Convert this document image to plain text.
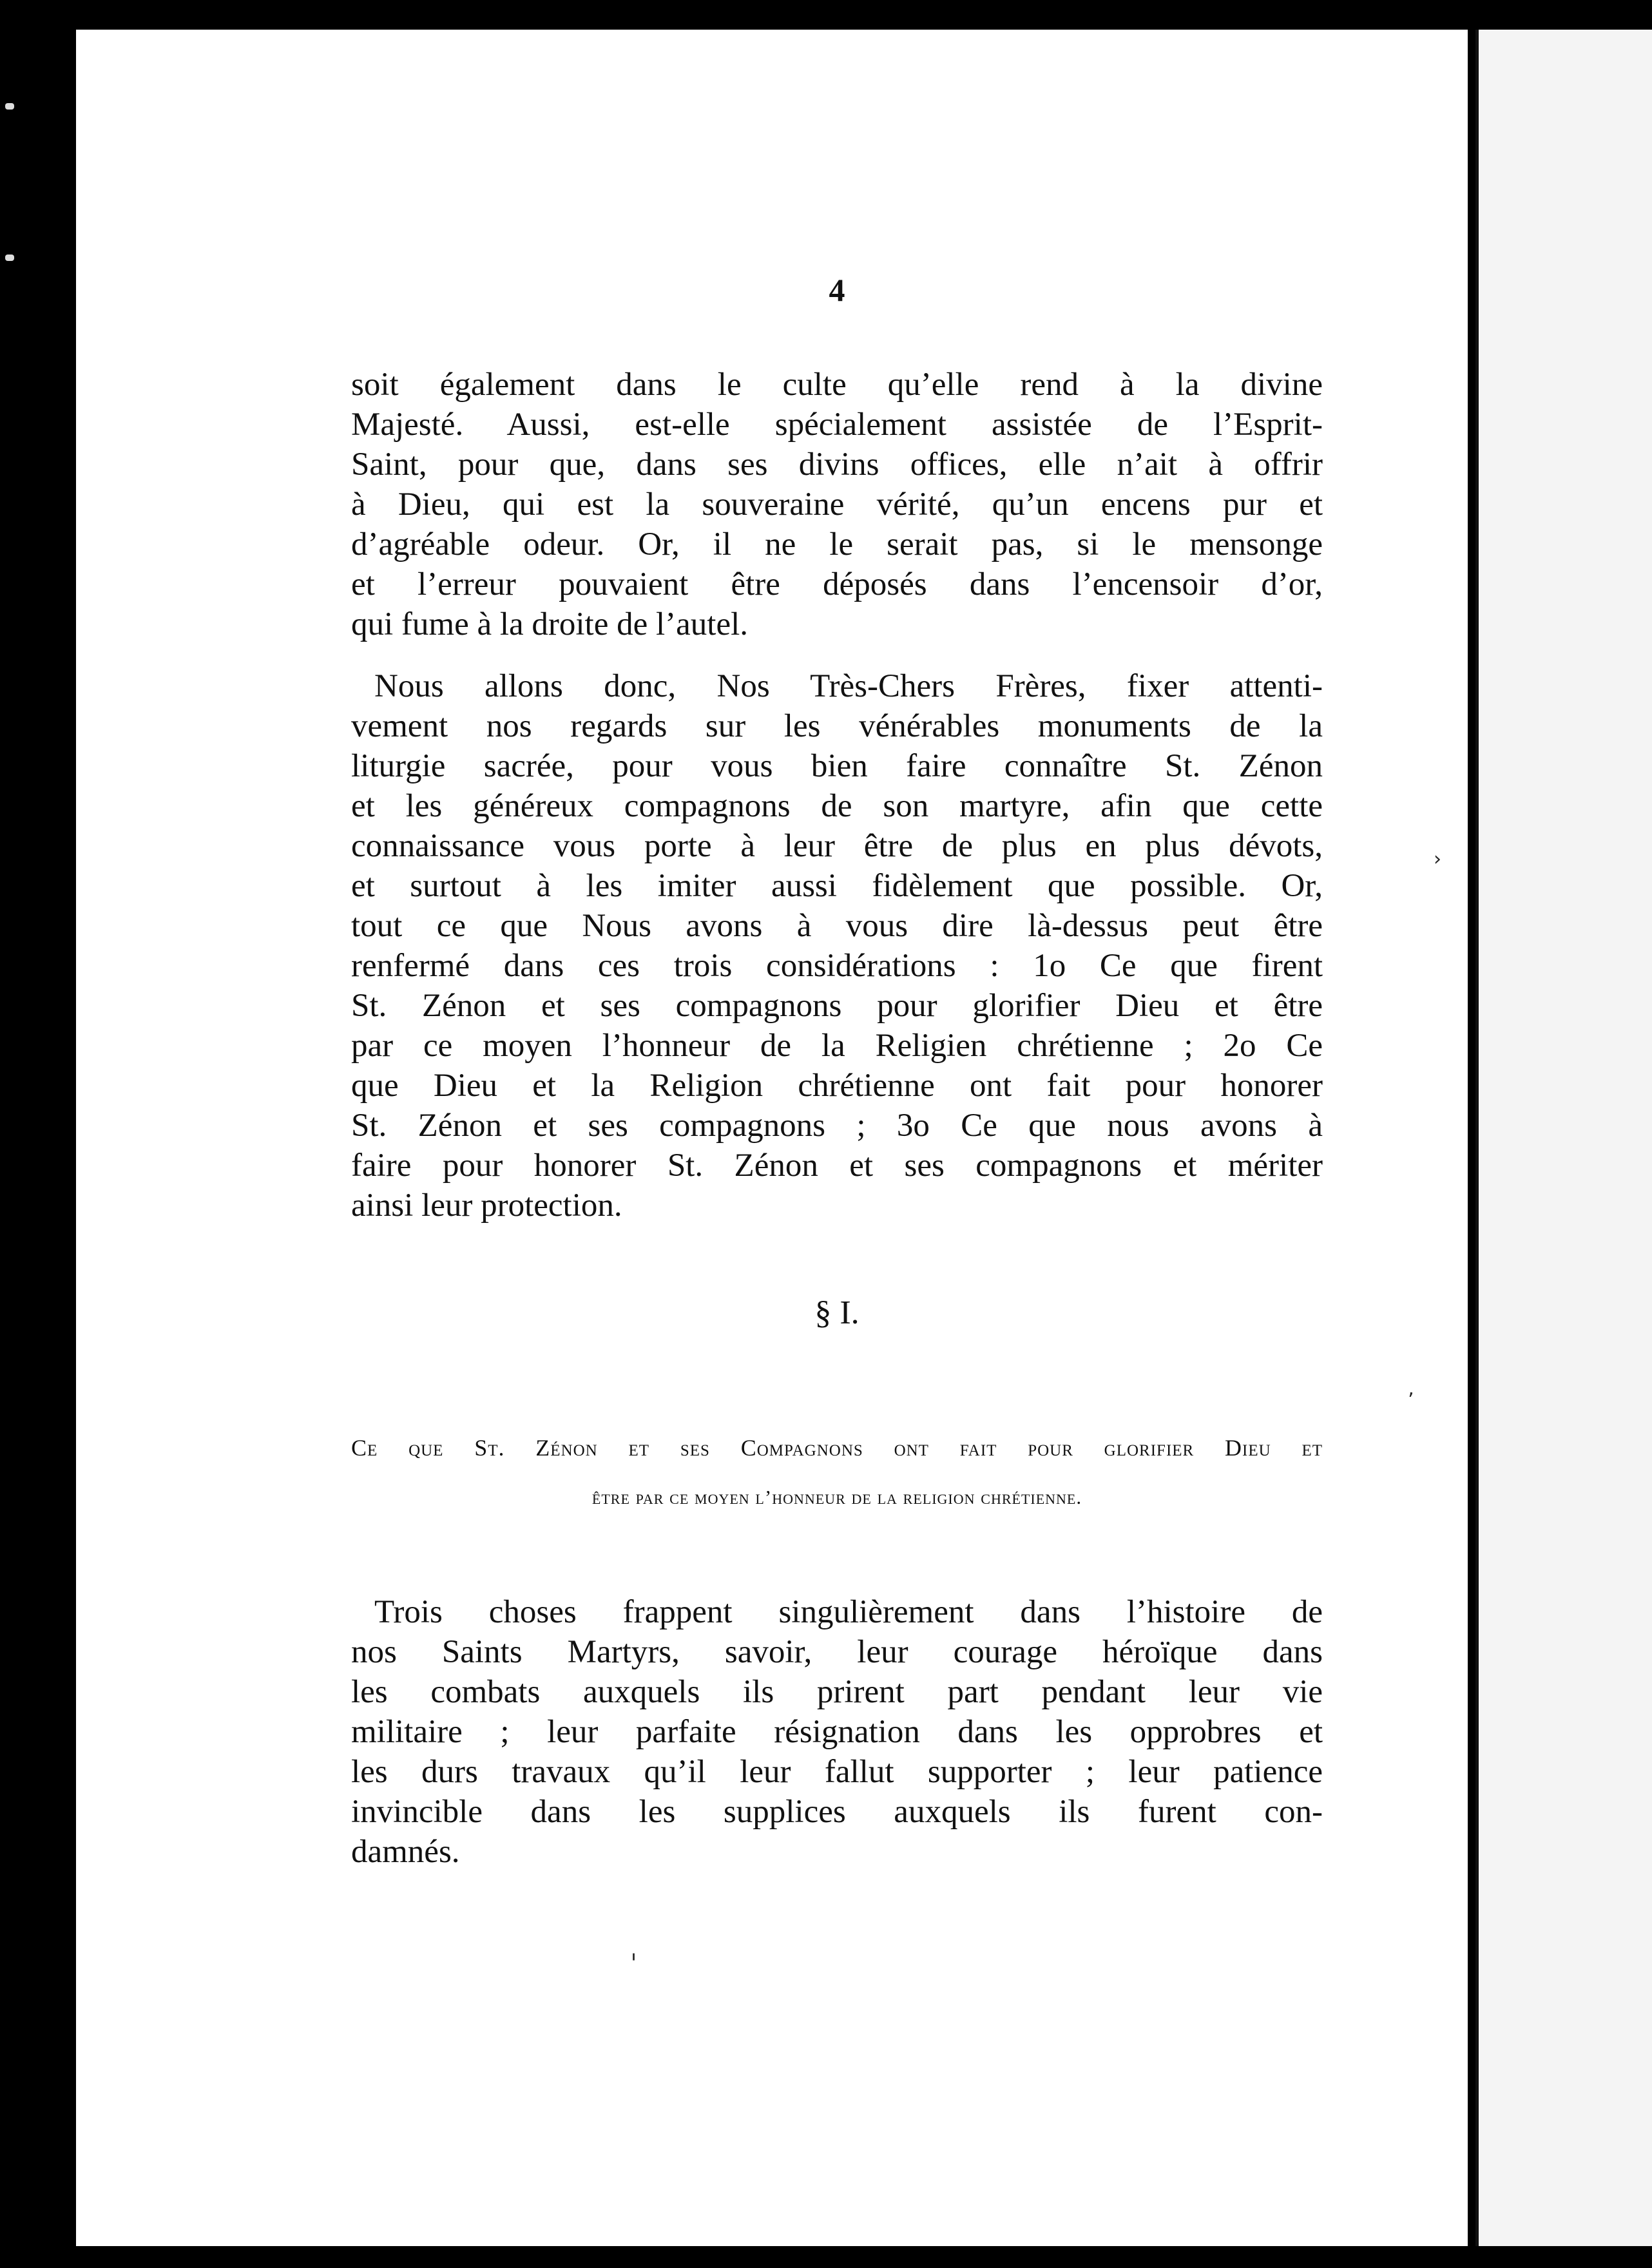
4
soit également dans le culte qu’elle rend à la divine
Majesté. Aussi, est-elle spécialement assistée de l’Esprit-
Saint, pour que, dans ses divins offices, elle n’ait à offrir
à Dieu, qui est la souveraine vérité, qu’un encens pur et
d’agréable odeur. Or, il ne le serait pas, si le mensonge
et l’erreur pouvaient être déposés dans l’encensoir d’or,
qui fume à la droite de l’autel.
Nous allons donc, Nos Très-Chers Frères, fixer attenti-
vement nos regards sur les vénérables monuments de la
liturgie sacrée, pour vous bien faire connaître St. Zénon
et les généreux compagnons de son martyre, afin que cette
connaissance vous porte à leur être de plus en plus dévots,
et surtout à les imiter aussi fidèlement que possible. Or,
tout ce que Nous avons à vous dire là-dessus peut être
renfermé dans ces trois considérations : 1o Ce que firent
St. Zénon et ses compagnons pour glorifier Dieu et être
par ce moyen l’honneur de la Religien chrétienne ; 2o Ce
que Dieu et la Religion chrétienne ont fait pour honorer
St. Zénon et ses compagnons ; 3o Ce que nous avons à
faire pour honorer St. Zénon et ses compagnons et mériter
ainsi leur protection.
§ I.
Ce que St. Zénon et ses Compagnons ont fait pour glorifier Dieu et
être par ce moyen l’honneur de la religion chrétienne.
Trois choses frappent singulièrement dans l’histoire de
nos Saints Martyrs, savoir, leur courage héroïque dans
les combats auxquels ils prirent part pendant leur vie
militaire ; leur parfaite résignation dans les opprobres et
les durs travaux qu’il leur fallut supporter ; leur patience
invincible dans les supplices auxquels ils furent con-
damnés.
ˈ
›
ʼ
